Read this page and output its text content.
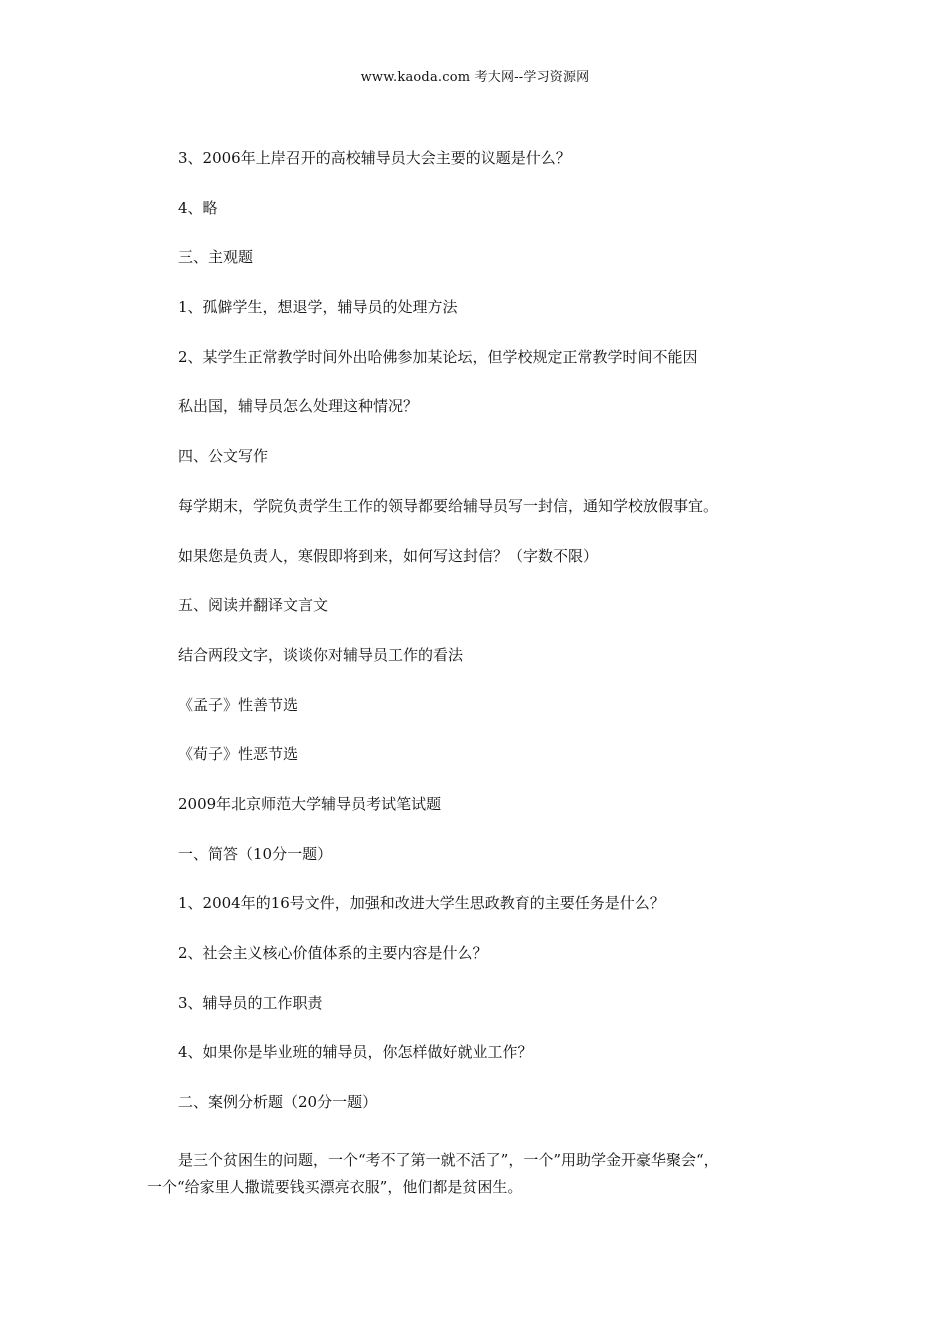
www.kaoda.com 考大网--学习资源网
3、2006年上岸召开的高校辅导员大会主要的议题是什么？
4、略
三、主观题
1、孤僻学生，想退学，辅导员的处理方法
2、某学生正常教学时间外出哈佛参加某论坛，但学校规定正常教学时间不能因
私出国，辅导员怎么处理这种情况？
四、公文写作
每学期末，学院负责学生工作的领导都要给辅导员写一封信，通知学校放假事宜。
如果您是负责人，寒假即将到来，如何写这封信？（字数不限）
五、阅读并翻译文言文
结合两段文字，谈谈你对辅导员工作的看法
《孟子》性善节选
《荀子》性恶节选
2009年北京师范大学辅导员考试笔试题
一、简答（10分一题）
1、2004年的16号文件，加强和改进大学生思政教育的主要任务是什么？
2、社会主义核心价值体系的主要内容是什么？
3、辅导员的工作职责
4、如果你是毕业班的辅导员，你怎样做好就业工作？
二、案例分析题（20分一题）
是三个贫困生的问题，一个“考不了第一就不活了”，一个”用助学金开豪华聚会“，
一个“给家里人撒谎要钱买漂亮衣服”，他们都是贫困生。
